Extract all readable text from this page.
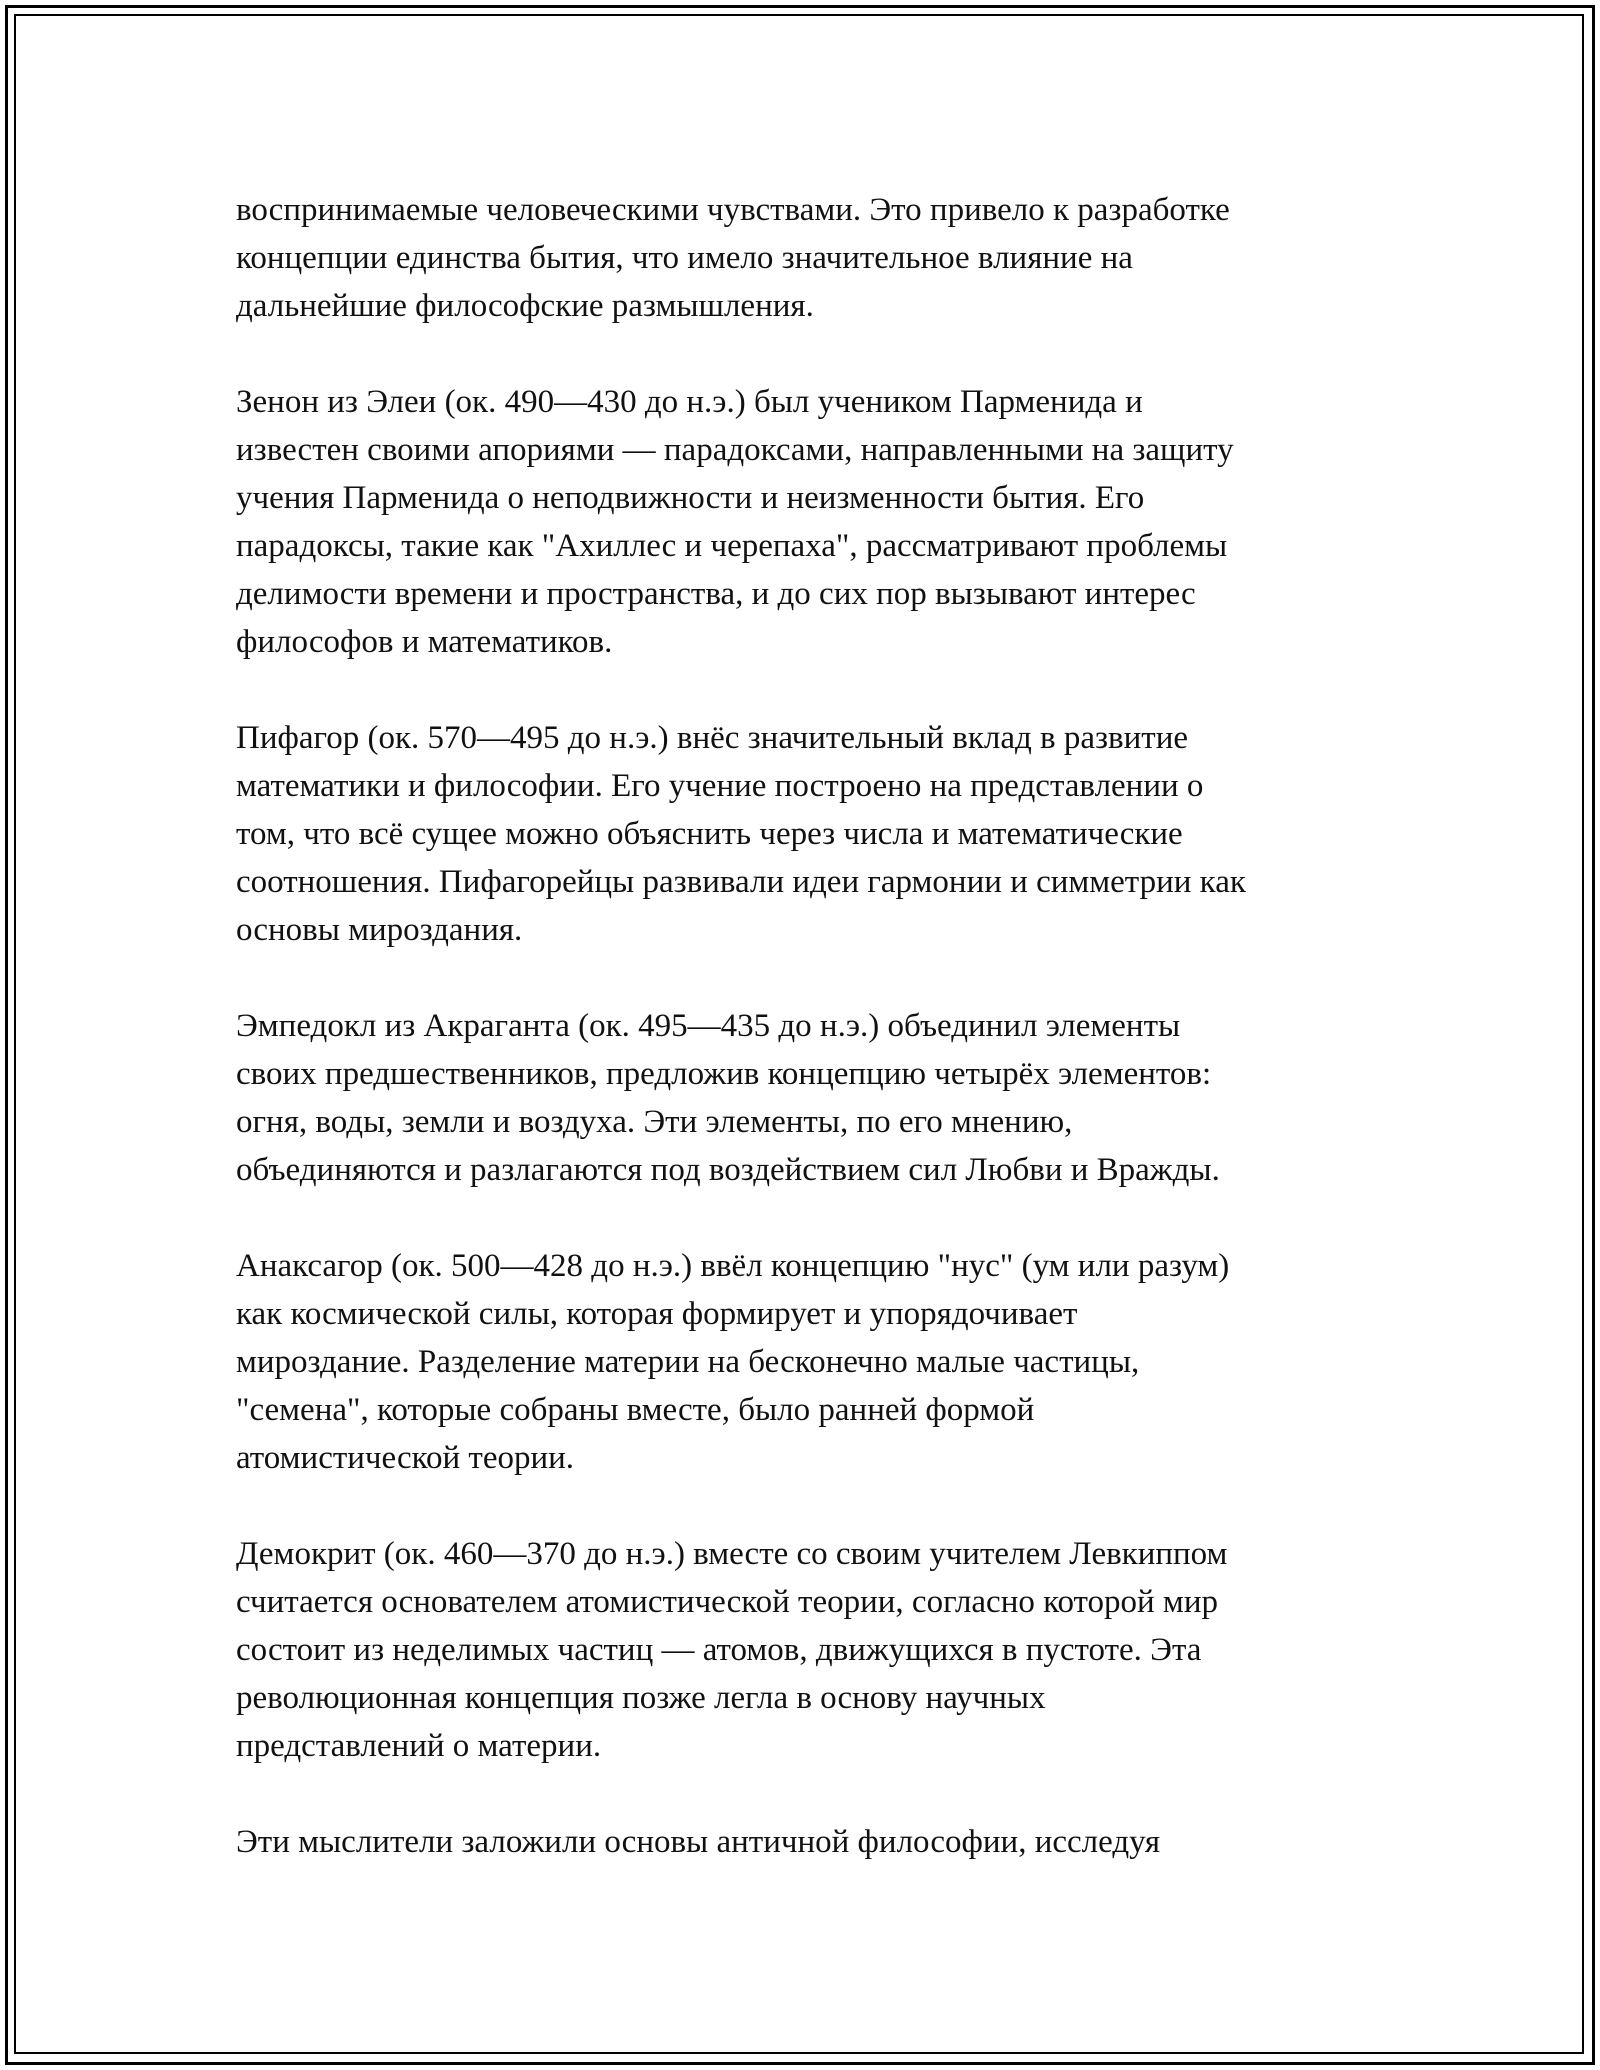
воспринимаемые человеческими чувствами. Это привело к разработке
концепции единства бытия, что имело значительное влияние на
дальнейшие философские размышления.

Зенон из Элеи (ок. 490—430 до н.э.) был учеником Парменида и
известен своими апориями — парадоксами, направленными на защиту
учения Парменида о неподвижности и неизменности бытия. Его
парадоксы, такие как "Ахиллес и черепаха", рассматривают проблемы
делимости времени и пространства, и до сих пор вызывают интерес
философов и математиков.

Пифагор (ок. 570—495 до н.э.) внёс значительный вклад в развитие
математики и философии. Его учение построено на представлении о
том, что всё сущее можно объяснить через числа и математические
соотношения. Пифагорейцы развивали идеи гармонии и симметрии как
основы мироздания.

Эмпедокл из Акраганта (ок. 495—435 до н.э.) объединил элементы
своих предшественников, предложив концепцию четырёх элементов:
огня, воды, земли и воздуха. Эти элементы, по его мнению,
объединяются и разлагаются под воздействием сил Любви и Вражды.

Анаксагор (ок. 500—428 до н.э.) ввёл концепцию "нус" (ум или разум)
как космической силы, которая формирует и упорядочивает
мироздание. Разделение материи на бесконечно малые частицы,
"семена", которые собраны вместе, было ранней формой
атомистической теории.

Демокрит (ок. 460—370 до н.э.) вместе со своим учителем Левкиппом
считается основателем атомистической теории, согласно которой мир
состоит из неделимых частиц — атомов, движущихся в пустоте. Эта
революционная концепция позже легла в основу научных
представлений о материи.

Эти мыслители заложили основы античной философии, исследуя
